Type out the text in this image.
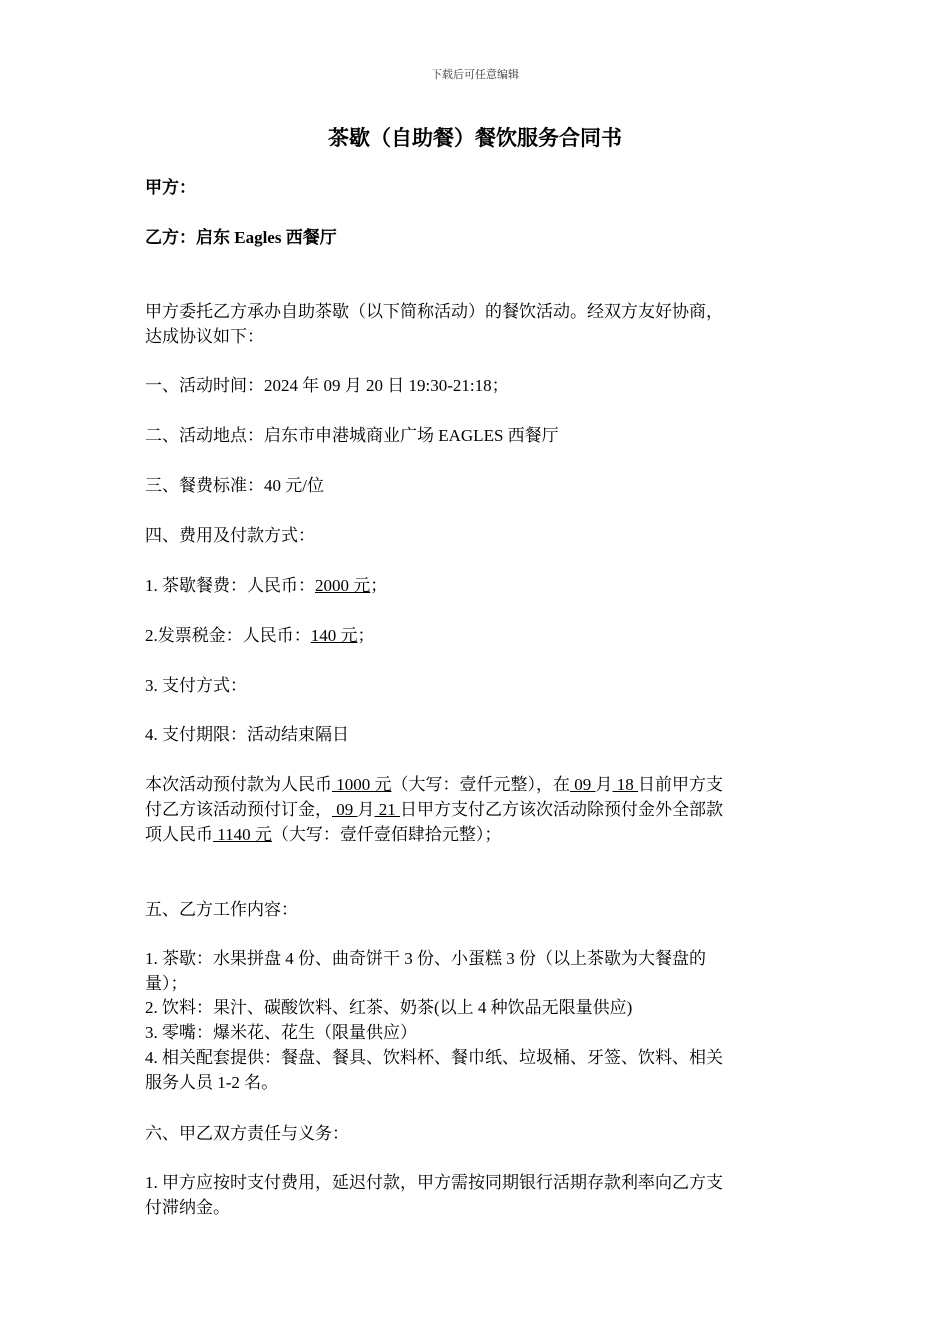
下载后可任意编辑
茶歇（自助餐）餐饮服务合同书
甲方：
乙方：启东 Eagles 西餐厅
甲方委托乙方承办自助茶歇（以下简称活动）的餐饮活动。经双方友好协商，
达成协议如下：
一、活动时间：2024 年 09 月 20 日 19:30-21:18；
二、活动地点：启东市申港城商业广场 EAGLES 西餐厅
三、餐费标准：40 元/位
四、费用及付款方式：
1. 茶歇餐费：人民币：2000 元；
2.发票税金：人民币：140 元；
3. 支付方式：
4. 支付期限：活动结束隔日
本次活动预付款为人民币 1000 元（大写：壹仟元整），在 09 月 18 日前甲方支
付乙方该活动预付订金， 09 月 21 日甲方支付乙方该次活动除预付金外全部款
项人民币 1140 元（大写：壹仟壹佰肆拾元整）；
五、乙方工作内容：
1. 茶歇：水果拼盘 4 份、曲奇饼干 3 份、小蛋糕 3 份（以上茶歇为大餐盘的
量）；
2. 饮料：果汁、碳酸饮料、红茶、奶茶(以上 4 种饮品无限量供应)
3. 零嘴：爆米花、花生（限量供应）
4. 相关配套提供：餐盘、餐具、饮料杯、餐巾纸、垃圾桶、牙签、饮料、相关
服务人员 1-2 名。
六、甲乙双方责任与义务：
1. 甲方应按时支付费用，延迟付款，甲方需按同期银行活期存款利率向乙方支
付滞纳金。
